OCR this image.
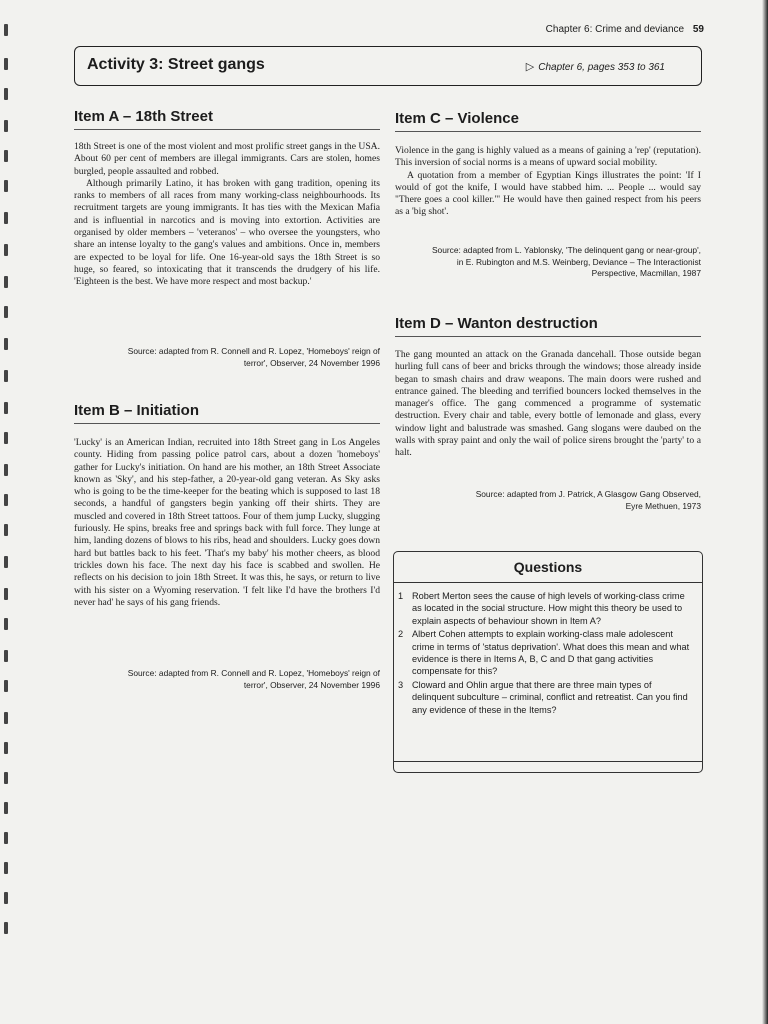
Chapter 6: Crime and deviance 59
Activity 3: Street gangs	▷ Chapter 6, pages 353 to 361
Item A – 18th Street

18th Street is one of the most violent and most prolific street gangs in the USA. About 60 per cent of members are illegal immigrants. Cars are stolen, homes burgled, people assaulted and robbed.

Although primarily Latino, it has broken with gang tradition, opening its ranks to members of all races from many working-class neighbourhoods. Its recruitment targets are young immigrants. It has ties with the Mexican Mafia and is influential in narcotics and is moving into extortion. Activities are organised by older members – 'veteranos' – who oversee the youngsters, who share an intense loyalty to the gang's values and ambitions. Once in, members are expected to be loyal for life. One 16-year-old says the 18th Street is so huge, so feared, so intoxicating that it transcends the drudgery of his life. 'Eighteen is the best. We have more respect and most backup.'

Source: adapted from R. Connell and R. Lopez, 'Homeboys' reign of
terror', Observer, 24 November 1996
Item B – Initiation

'Lucky' is an American Indian, recruited into 18th Street gang in Los Angeles county. Hiding from passing police patrol cars, about a dozen 'homeboys' gather for Lucky's initiation. On hand are his mother, an 18th Street Associate known as 'Sky', and his step-father, a 20-year-old gang veteran. As Sky asks who is going to be the time-keeper for the beating which is supposed to last 18 seconds, a handful of gangsters begin yanking off their shirts. They are muscled and covered in 18th Street tattoos. Four of them jump Lucky, slugging furiously. He spins, breaks free and springs back with full force. They lunge at him, landing dozens of blows to his ribs, head and shoulders. Lucky goes down hard but battles back to his feet. 'That's my baby' his mother cheers, as blood trickles down his face. The next day his face is scabbed and swollen. He reflects on his decision to join 18th Street. It was this, he says, or return to live with his sister on a Wyoming reservation. 'I felt like I'd have the brothers I'd never had' he says of his gang friends.

Source: adapted from R. Connell and R. Lopez, 'Homeboys' reign of
terror', Observer, 24 November 1996
Item C – Violence

Violence in the gang is highly valued as a means of gaining a 'rep' (reputation). This inversion of social norms is a means of upward social mobility.

A quotation from a member of Egyptian Kings illustrates the point: 'If I would of got the knife, I would have stabbed him. ... People ... would say "There goes a cool killer."' He would have then gained respect from his peers as a 'big shot'.

Source: adapted from L. Yablonsky, 'The delinquent gang or near-group',
in E. Rubington and M.S. Weinberg, Deviance – The Interactionist
Perspective, Macmillan, 1987
Item D – Wanton destruction

The gang mounted an attack on the Granada dancehall. Those outside began hurling full cans of beer and bricks through the windows; those already inside began to smash chairs and draw weapons. The main doors were rushed and entrance gained. The bleeding and terrified bouncers locked themselves in the manager's office. The gang commenced a programme of systematic destruction. Every chair and table, every bottle of lemonade and glass, every window light and balustrade was smashed. Gang slogans were daubed on the walls with spray paint and only the wail of police sirens brought the 'party' to a halt.

Source: adapted from J. Patrick, A Glasgow Gang Observed,
Eyre Methuen, 1973
Questions
1 Robert Merton sees the cause of high levels of working-class crime as located in the social structure. How might this theory be used to explain aspects of behaviour shown in Item A?
2 Albert Cohen attempts to explain working-class male adolescent crime in terms of 'status deprivation'. What does this mean and what evidence is there in Items A, B, C and D that gang activities compensate for this?
3 Cloward and Ohlin argue that there are three main types of delinquent subculture – criminal, conflict and retreatist. Can you find any evidence of these in the Items?
